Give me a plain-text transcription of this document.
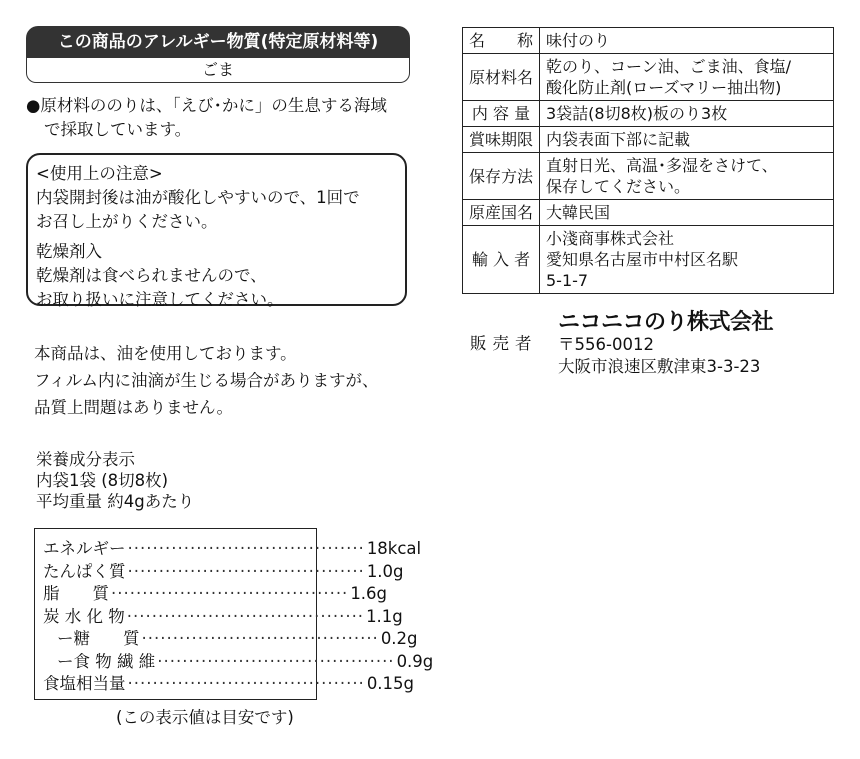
この商品のアレルギー物質(特定原材料等)
ごま
●原材料ののりは、「えび･かに」の生息する海域
で採取しています。
<使用上の注意>
内袋開封後は油が酸化しやすいので、1回で
お召し上がりください。
乾燥剤入
乾燥剤は食べられませんので、
お取り扱いに注意してください。
本商品は、油を使用しております。
フィルム内に油滴が生じる場合がありますが、
品質上問題はありません。
栄養成分表示
内袋1袋 (8切8枚)
平均重量 約4gあたり
エネルギー ······································ 18kcal
たんぱく質 ······································ 1.0g
脂　　質 ······································ 1.6g
炭 水 化 物 ······································ 1.1g
ー糖　　質 ······································ 0.2g
ー食 物 繊 維 ······································ 0.9g
食塩相当量 ······································ 0.15g
(この表示値は目安です)
名　　称	味付のり
原材料名	乾のり、コーン油、ごま油、食塩/
酸化防止剤(ローズマリー抽出物)
内 容 量	3袋詰(8切8枚)板のり3枚
賞味期限	内袋表面下部に記載
保存方法	直射日光、高温･多湿をさけて、
保存してください。
原産国名	大韓民国
輸 入 者	小淺商事株式会社
愛知県名古屋市中村区名駅
5-1-7
販売者
ニコニコのり株式会社
〒556-0012
大阪市浪速区敷津東3-3-23
